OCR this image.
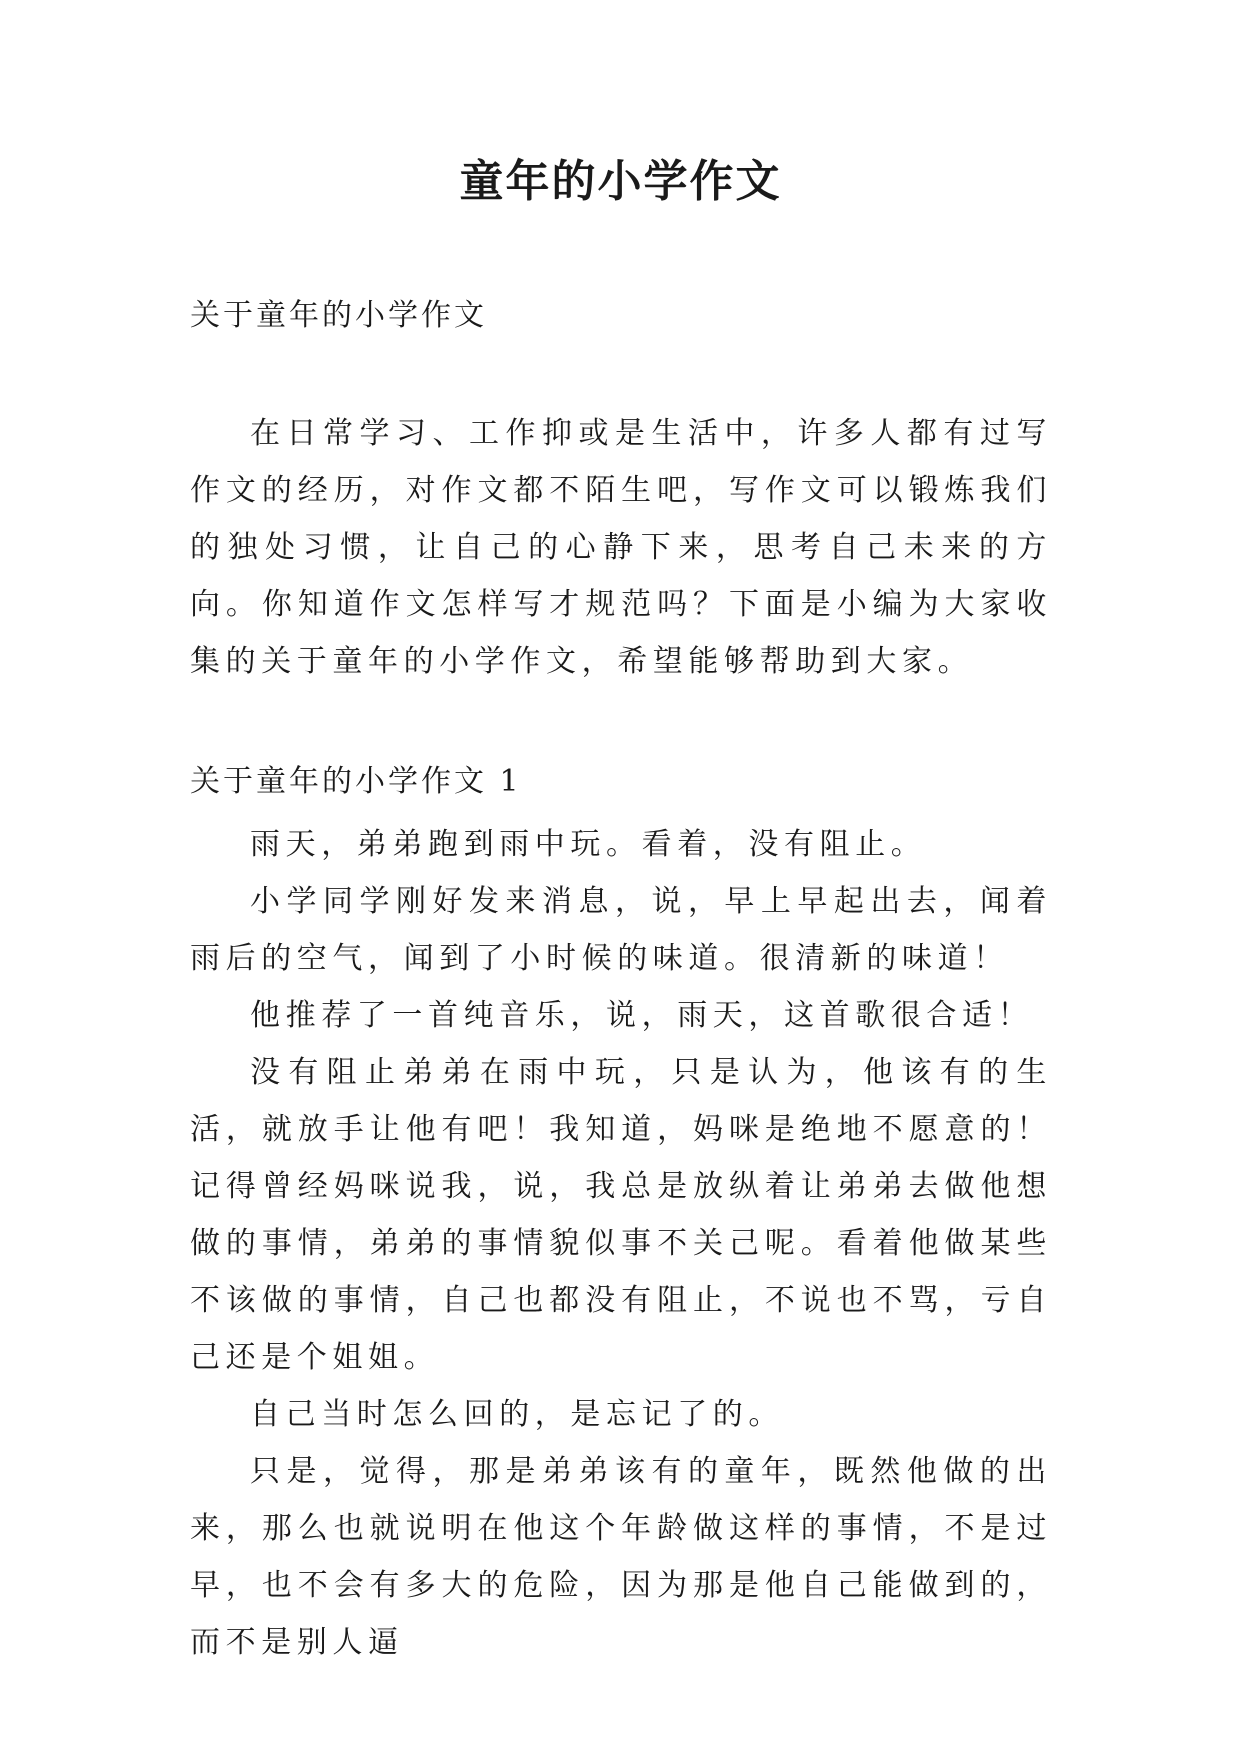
童年的小学作文

关于童年的小学作文

在日常学习、工作抑或是生活中，许多人都有过写作文的经历，对作文都不陌生吧，写作文可以锻炼我们的独处习惯，让自己的心静下来，思考自己未来的方向。你知道作文怎样写才规范吗？下面是小编为大家收集的关于童年的小学作文，希望能够帮助到大家。

关于童年的小学作文 1

雨天，弟弟跑到雨中玩。看着，没有阻止。

小学同学刚好发来消息，说，早上早起出去，闻着雨后的空气，闻到了小时候的味道。很清新的味道！

他推荐了一首纯音乐，说，雨天，这首歌很合适！

没有阻止弟弟在雨中玩，只是认为，他该有的生活，就放手让他有吧！我知道，妈咪是绝地不愿意的！记得曾经妈咪说我，说，我总是放纵着让弟弟去做他想做的事情，弟弟的事情貌似事不关己呢。看着他做某些不该做的事情，自己也都没有阻止，不说也不骂，亏自己还是个姐姐。

自己当时怎么回的，是忘记了的。

只是，觉得，那是弟弟该有的童年，既然他做的出来，那么也就说明在他这个年龄做这样的事情，不是过早，也不会有多大的危险，因为那是他自己能做到的，而不是别人逼
